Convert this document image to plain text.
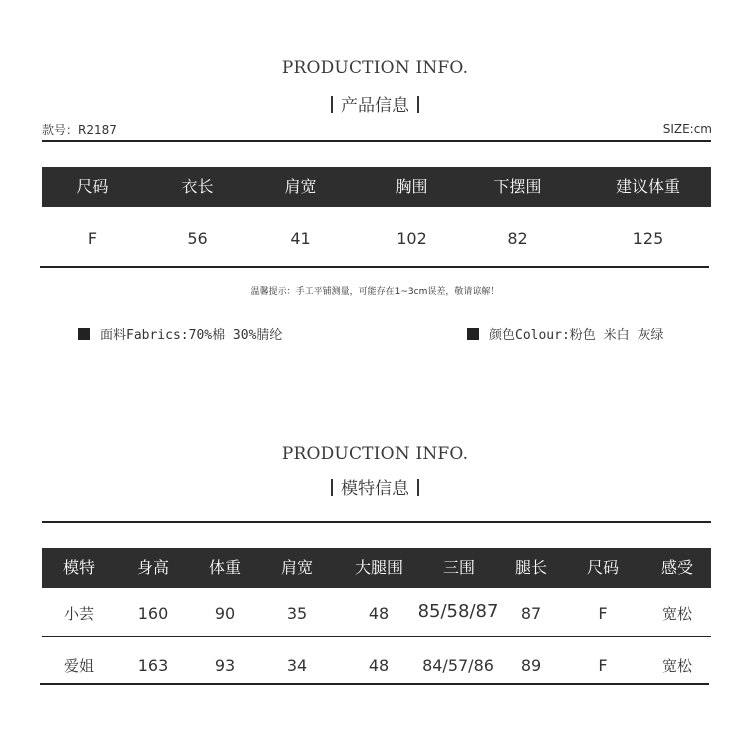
PRODUCTION INFO.
产品信息
款号：R2187	SIZE:cm
尺码	衣长	肩宽	胸围	下摆围	建议体重
F	56	41	102	82	125
温馨提示：手工平铺测量，可能存在1~3cm误差，敬请谅解！
面料Fabrics:70%棉 30%腈纶	颜色Colour:粉色 米白 灰绿
PRODUCTION INFO.
模特信息
模特	身高	体重	肩宽	大腿围	三围	腿长	尺码	感受
小芸	160	90	35	48	85/58/87	87	F	宽松
爱姐	163	93	34	48	84/57/86	89	F	宽松
